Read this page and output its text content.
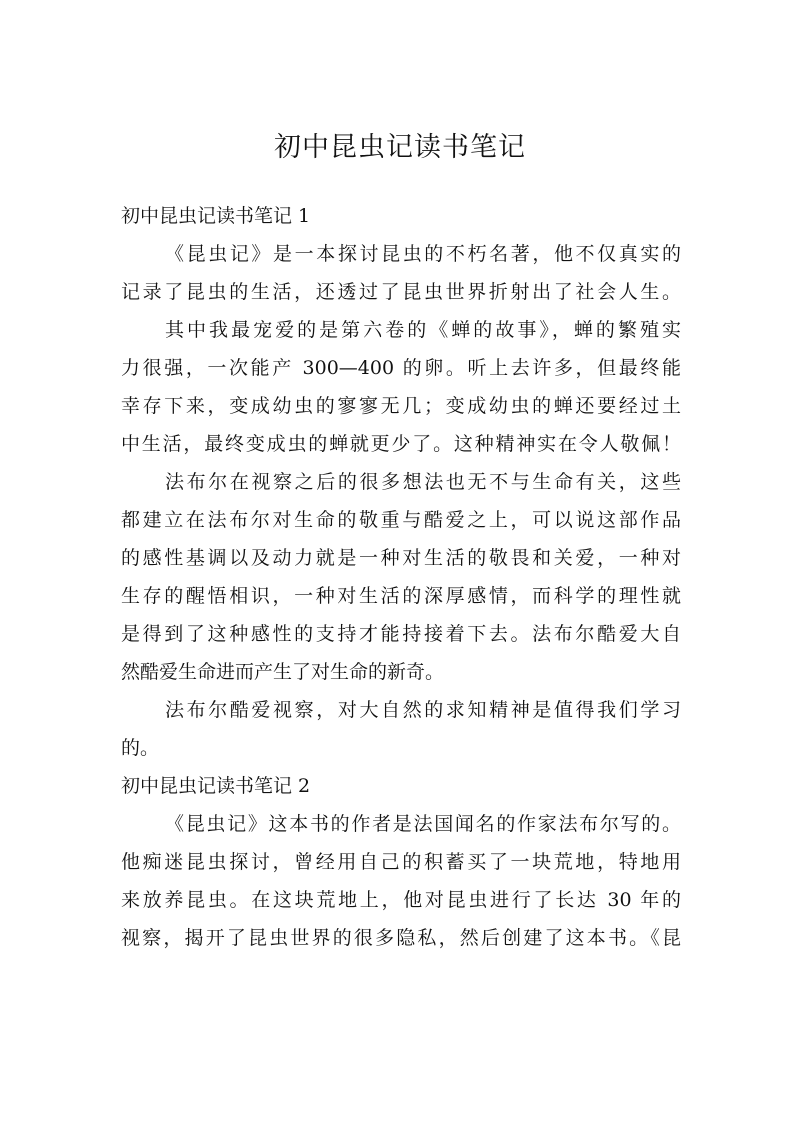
初中昆虫记读书笔记
初中昆虫记读书笔记 1
《昆虫记》是一本探讨昆虫的不朽名著，他不仅真实的
记录了昆虫的生活，还透过了昆虫世界折射出了社会人生。
其中我最宠爱的是第六卷的《蝉的故事》，蝉的繁殖实
力很强，一次能产 300—400 的卵。听上去许多，但最终能
幸存下来，变成幼虫的寥寥无几；变成幼虫的蝉还要经过土
中生活，最终变成虫的蝉就更少了。这种精神实在令人敬佩！
法布尔在视察之后的很多想法也无不与生命有关，这些
都建立在法布尔对生命的敬重与酷爱之上，可以说这部作品
的感性基调以及动力就是一种对生活的敬畏和关爱，一种对
生存的醒悟相识，一种对生活的深厚感情，而科学的理性就
是得到了这种感性的支持才能持接着下去。法布尔酷爱大自
然酷爱生命进而产生了对生命的新奇。
法布尔酷爱视察，对大自然的求知精神是值得我们学习
的。
初中昆虫记读书笔记 2
《昆虫记》这本书的作者是法国闻名的作家法布尔写的。
他痴迷昆虫探讨，曾经用自己的积蓄买了一块荒地，特地用
来放养昆虫。在这块荒地上，他对昆虫进行了长达 30 年的
视察，揭开了昆虫世界的很多隐私，然后创建了这本书。《昆
